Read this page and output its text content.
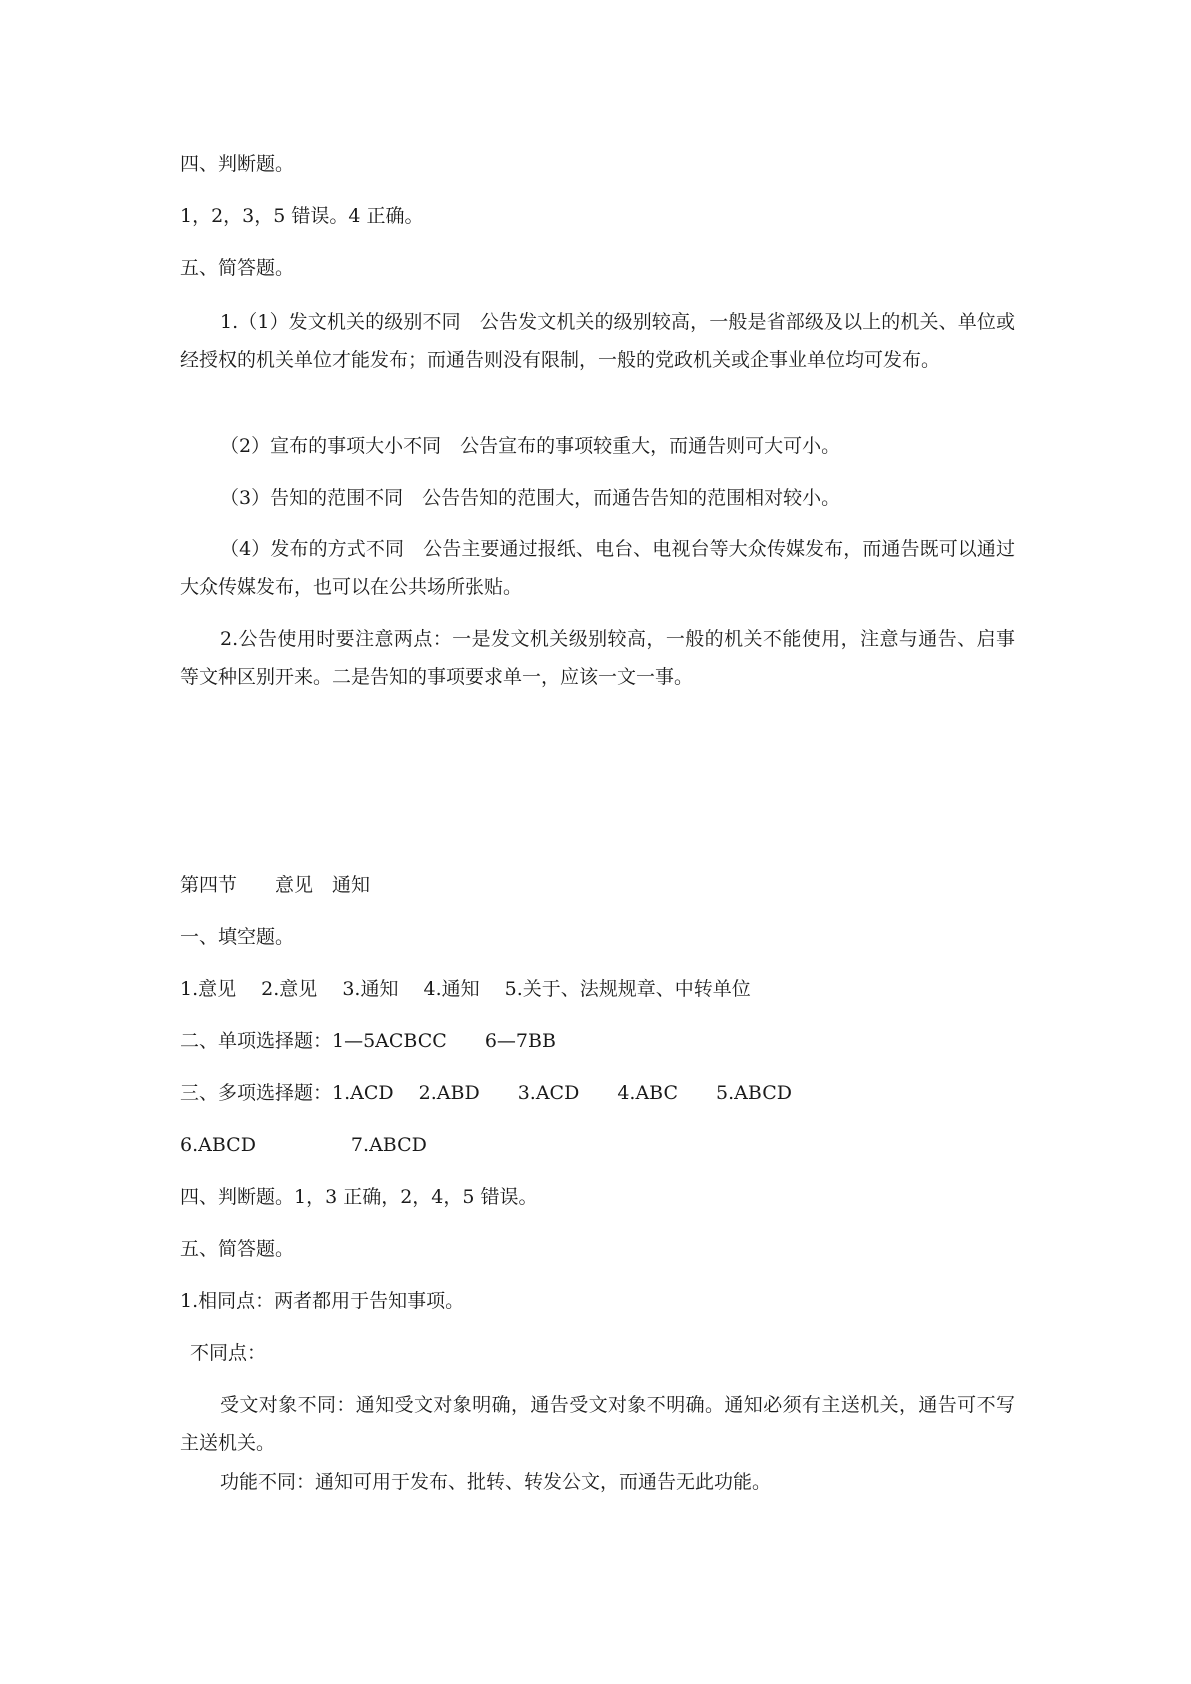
四、判断题。
1，2，3，5 错误。4 正确。
五、简答题。
1.（1）发文机关的级别不同　公告发文机关的级别较高，一般是省部级及以上的机关、单位或经授权的机关单位才能发布；而通告则没有限制，一般的党政机关或企事业单位均可发布。
（2）宣布的事项大小不同　公告宣布的事项较重大，而通告则可大可小。
（3）告知的范围不同　公告告知的范围大，而通告告知的范围相对较小。
（4）发布的方式不同　公告主要通过报纸、电台、电视台等大众传媒发布，而通告既可以通过大众传媒发布，也可以在公共场所张贴。
2.公告使用时要注意两点：一是发文机关级别较高，一般的机关不能使用，注意与通告、启事等文种区别开来。二是告知的事项要求单一，应该一文一事。
第四节　　意见　通知
一、填空题。
1.意见　 2.意见　 3.通知　 4.通知　 5.关于、法规规章、中转单位
二、单项选择题：1—5ACBCC　　6—7BB
三、多项选择题：1.ACD　 2.ABD　　3.ACD　　4.ABC　　5.ABCD
6.ABCD　　　　　7.ABCD
四、判断题。1，3 正确，2，4，5 错误。
五、简答题。
1.相同点：两者都用于告知事项。
不同点：
受文对象不同：通知受文对象明确，通告受文对象不明确。通知必须有主送机关，通告可不写主送机关。
功能不同：通知可用于发布、批转、转发公文，而通告无此功能。
